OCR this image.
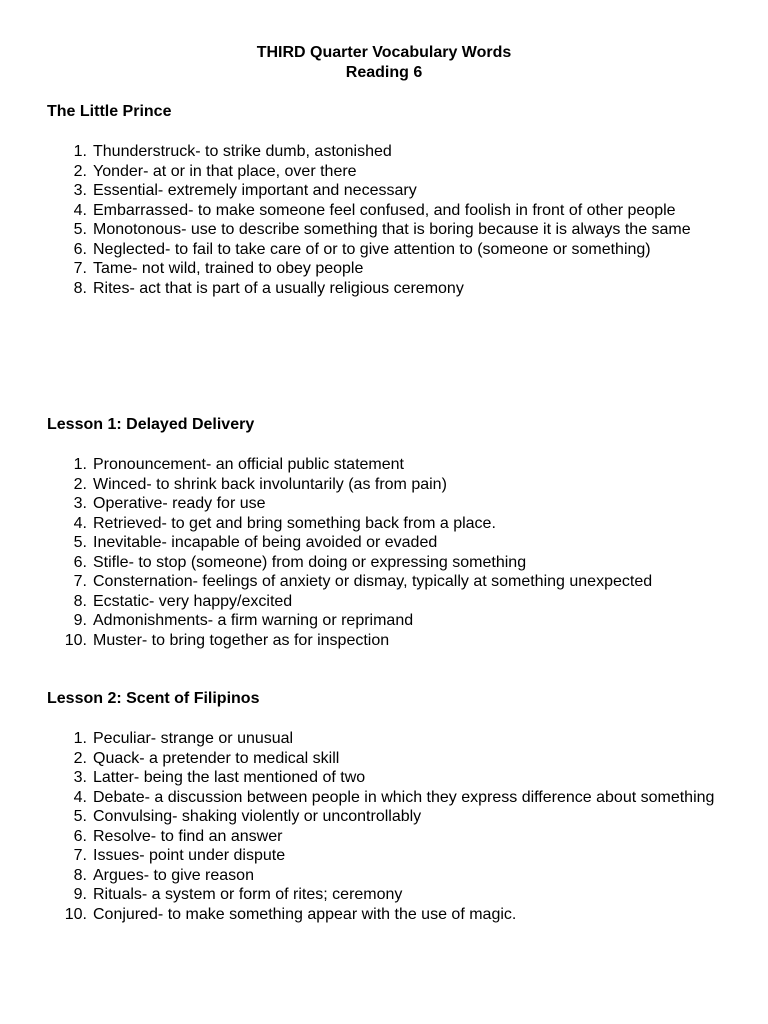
THIRD Quarter Vocabulary Words
Reading 6
The Little Prince
1. Thunderstruck- to strike dumb, astonished
2. Yonder- at or in that place, over there
3. Essential- extremely important and necessary
4. Embarrassed- to make someone feel confused, and foolish in front of other people
5. Monotonous- use to describe something that is boring because it is always the same
6. Neglected- to fail to take care of or to give attention to (someone or something)
7. Tame- not wild, trained to obey people
8. Rites- act that is part of a usually religious ceremony
Lesson 1: Delayed Delivery
1. Pronouncement- an official public statement
2. Winced- to shrink back involuntarily (as from pain)
3. Operative- ready for use
4. Retrieved- to get and bring something back from a place.
5. Inevitable- incapable of being avoided or evaded
6. Stifle- to stop (someone) from doing or expressing something
7. Consternation- feelings of anxiety or dismay, typically at something unexpected
8. Ecstatic- very happy/excited
9. Admonishments- a firm warning or reprimand
10. Muster- to bring together as for inspection
Lesson 2: Scent of Filipinos
1. Peculiar- strange or unusual
2. Quack- a pretender to medical skill
3. Latter- being the last mentioned of two
4. Debate- a discussion between people in which they express difference about something
5. Convulsing- shaking violently or uncontrollably
6. Resolve- to find an answer
7. Issues- point under dispute
8. Argues- to give reason
9. Rituals- a system or form of rites; ceremony
10. Conjured- to make something appear with the use of magic.
